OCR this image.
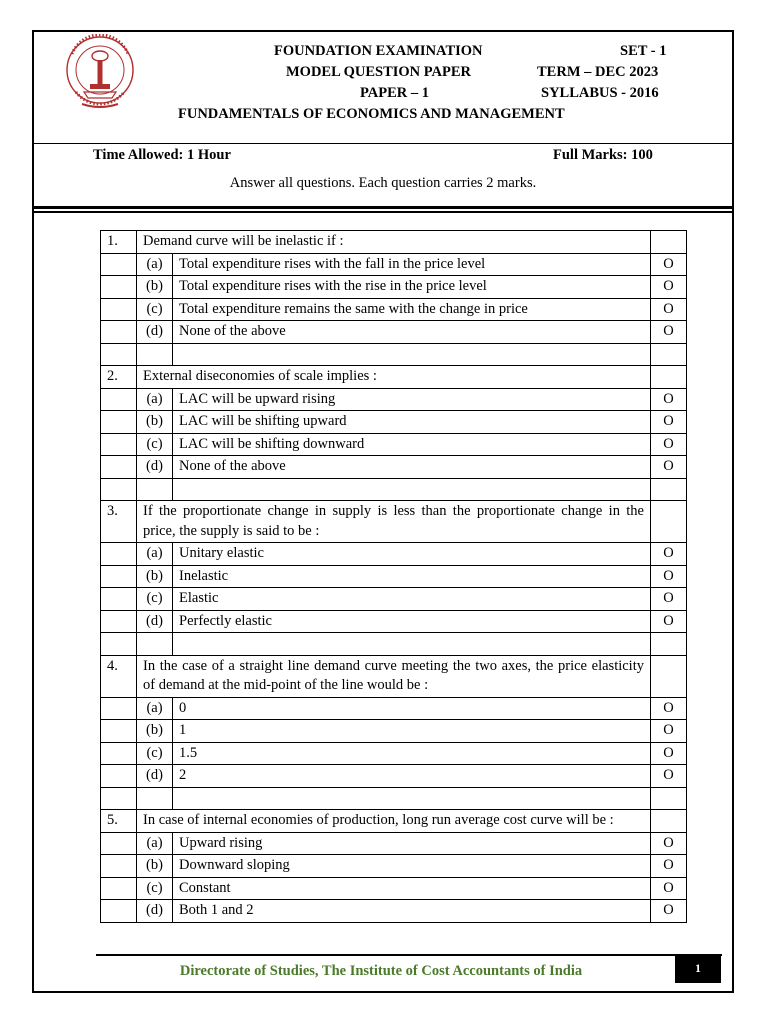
FOUNDATION EXAMINATION	SET - 1
MODEL QUESTION PAPER	TERM – DEC 2023
PAPER – 1	SYLLABUS - 2016
FUNDAMENTALS OF ECONOMICS AND MANAGEMENT
Time Allowed: 1 Hour	Full Marks: 100
Answer all questions. Each question carries 2 marks.
1.	Demand curve will be inelastic if :		
	(a)	Total expenditure rises with the fall in the price level	O
	(b)	Total expenditure rises with the rise in the price level	O
	(c)	Total expenditure remains the same with the change in price	O
	(d)	None of the above	O

2.	External diseconomies of scale implies :		
	(a)	LAC will be upward rising	O
	(b)	LAC will be shifting upward	O
	(c)	LAC will be shifting downward	O
	(d)	None of the above	O

3.	If the proportionate change in supply is less than the proportionate change in the price, the supply is said to be :		
	(a)	Unitary elastic	O
	(b)	Inelastic	O
	(c)	Elastic	O
	(d)	Perfectly elastic	O

4.	In the case of a straight line demand curve meeting the two axes, the price elasticity of demand at the mid-point of the line would be :		
	(a)	0	O
	(b)	1	O
	(c)	1.5	O
	(d)	2	O

5.	In case of internal economies of production, long run average cost curve will be :		
	(a)	Upward rising	O
	(b)	Downward sloping	O
	(c)	Constant	O
	(d)	Both 1 and 2	O
Directorate of Studies, The Institute of Cost Accountants of India	1
